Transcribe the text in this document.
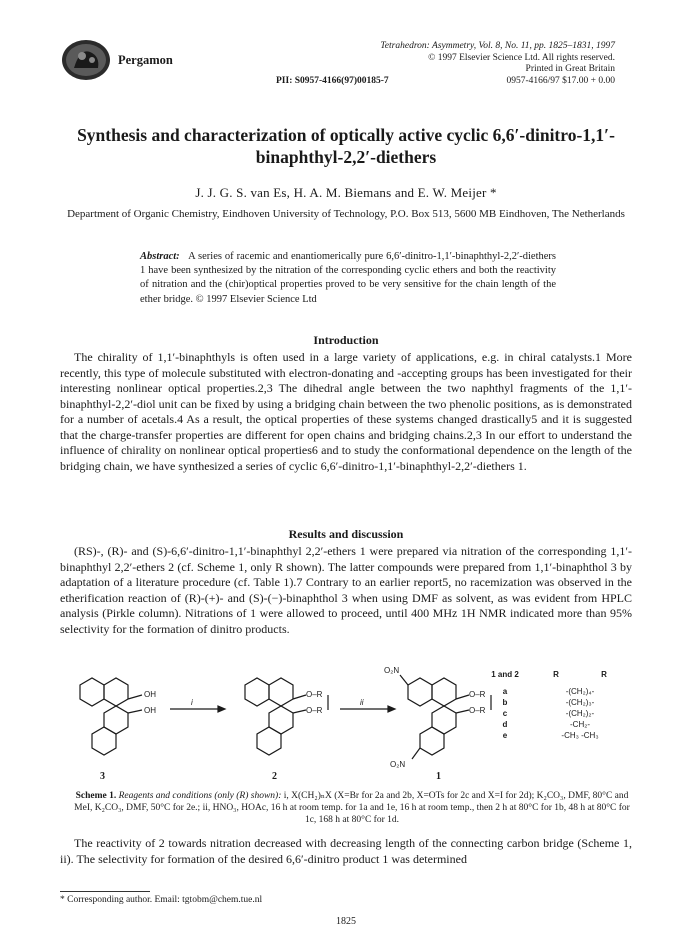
Pergamon
Tetrahedron: Asymmetry, Vol. 8, No. 11, pp. 1825–1831, 1997
© 1997 Elsevier Science Ltd. All rights reserved.
Printed in Great Britain
0957-4166/97 $17.00 + 0.00
PII: S0957-4166(97)00185-7
Synthesis and characterization of optically active cyclic 6,6′-dinitro-1,1′-binaphthyl-2,2′-diethers
J. J. G. S. van Es, H. A. M. Biemans and E. W. Meijer *
Department of Organic Chemistry, Eindhoven University of Technology, P.O. Box 513, 5600 MB Eindhoven, The Netherlands
Abstract: A series of racemic and enantiomerically pure 6,6′-dinitro-1,1′-binaphthyl-2,2′-diethers 1 have been synthesized by the nitration of the corresponding cyclic ethers and both the reactivity of nitration and the (chir)optical properties proved to be very sensitive for the chain length of the ether bridge. © 1997 Elsevier Science Ltd
Introduction

The chirality of 1,1′-binaphthyls is often used in a large variety of applications, e.g. in chiral catalysts.1 More recently, this type of molecule substituted with electron-donating and -accepting groups has been investigated for their interesting nonlinear optical properties.2,3 The dihedral angle between the two naphthyl fragments of the 1,1′-binaphthyl-2,2′-diol unit can be fixed by using a bridging chain between the two phenolic positions, as is demonstrated for a number of acetals.4 As a result, the optical properties of these systems changed drastically5 and it is suggested that the charge-transfer properties are different for open chains and bridging chains.2,3 In our effort to understand the influence of chirality on nonlinear optical properties6 and to study the conformational dependence on the length of the bridging chain, we have synthesized a series of cyclic 6,6′-dinitro-1,1′-binaphthyl-2,2′-diethers 1.

Results and discussion

(RS)-, (R)- and (S)-6,6′-dinitro-1,1′-binaphthyl 2,2′-ethers 1 were prepared via nitration of the corresponding 1,1′-binaphthyl 2,2′-ethers 2 (cf. Scheme 1, only R shown). The latter compounds were prepared from 1,1′-binaphthol 3 by adaptation of a literature procedure (cf. Table 1).7 Contrary to an earlier report5, no racemization was observed in the etherification reaction of (R)-(+)- and (S)-(−)-binaphthol 3 when using DMF as solvent, as was evident from HPLC analysis (Pirkle column). Nitrations of 1 were allowed to proceed, until 400 MHz 1H NMR indicated more than 95% selectivity for the formation of dinitro products.

OH
OH
i
O–R
O–R
ii
O₂N
O–R
O–R
O₂N
3	2	1
1 and 2	R	R
a	-(CH₂)₄-
b	-(CH₂)₃-
c	-(CH₂)₂-
d	-CH₂-
e	-CH₃ -CH₃
Scheme 1. Reagents and conditions (only (R) shown): i, X(CH₂)ₙX (X=Br for 2a and 2b, X=OTs for 2c and X=I for 2d); K₂CO₃, DMF, 80°C and MeI, K₂CO₃, DMF, 50°C for 2e.; ii, HNO₃, HOAc, 16 h at room temp. for 1a and 1e, 16 h at room temp., then 2 h at 80°C for 1b, 48 h at 80°C for 1c, 168 h at 80°C for 1d.

The reactivity of 2 towards nitration decreased with decreasing length of the connecting carbon bridge (Scheme 1, ii). The selectivity for formation of the desired 6,6′-dinitro product 1 was determined

* Corresponding author. Email: tgtobm@chem.tue.nl
1825
